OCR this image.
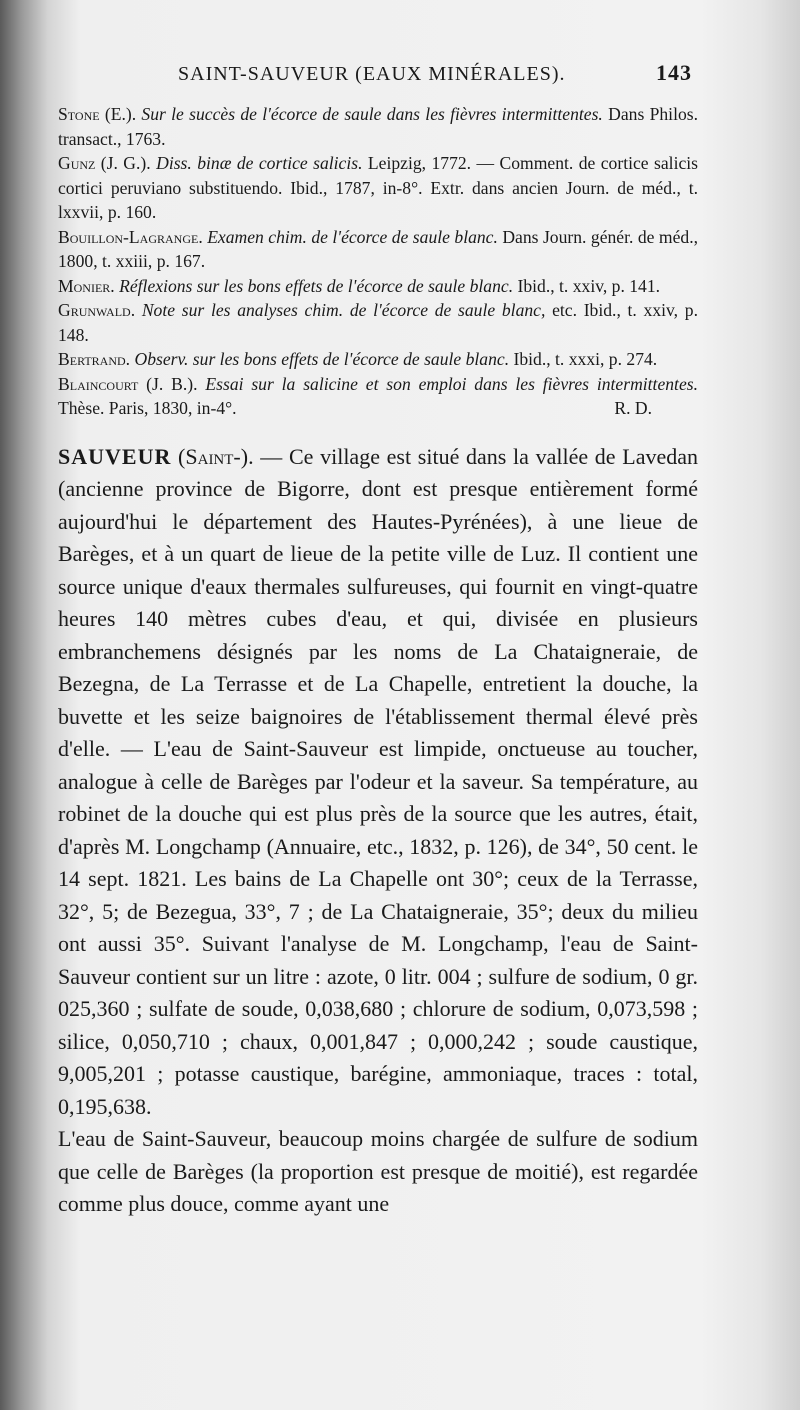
SAINT-SAUVEUR (EAUX MINÉRALES).	143

Stone (E.). Sur le succès de l'écorce de saule dans les fièvres intermittentes. Dans Philos. transact., 1763.

Gunz (J. G.). Diss. binæ de cortice salicis. Leipzig, 1772. — Comment. de cortice salicis cortici peruviano substituendo. Ibid., 1787, in-8°. Extr. dans ancien Journ. de méd., t. lxxvii, p. 160.

Bouillon-Lagrange. Examen chim. de l'écorce de saule blanc. Dans Journ. génér. de méd., 1800, t. xxiii, p. 167.

Monier. Réflexions sur les bons effets de l'écorce de saule blanc. Ibid., t. xxiv, p. 141.

Grunwald. Note sur les analyses chim. de l'écorce de saule blanc, etc. Ibid., t. xxiv, p. 148.

Bertrand. Observ. sur les bons effets de l'écorce de saule blanc. Ibid., t. xxxi, p. 274.

Blaincourt (J. B.). Essai sur la salicine et son emploi dans les fièvres intermittentes. Thèse. Paris, 1830, in-4°.	R. D.

SAUVEUR (Saint-). — Ce village est situé dans la vallée de Lavedan (ancienne province de Bigorre, dont est presque entièrement formé aujourd'hui le département des Hautes-Pyrénées), à une lieue de Barèges, et à un quart de lieue de la petite ville de Luz. Il contient une source unique d'eaux thermales sulfureuses, qui fournit en vingt-quatre heures 140 mètres cubes d'eau, et qui, divisée en plusieurs embranchemens désignés par les noms de La Chataigneraie, de Bezegna, de La Terrasse et de La Chapelle, entretient la douche, la buvette et les seize baignoires de l'établissement thermal élevé près d'elle. — L'eau de Saint-Sauveur est limpide, onctueuse au toucher, analogue à celle de Barèges par l'odeur et la saveur. Sa température, au robinet de la douche qui est plus près de la source que les autres, était, d'après M. Longchamp (Annuaire, etc., 1832, p. 126), de 34°, 50 cent. le 14 sept. 1821. Les bains de La Chapelle ont 30°; ceux de la Terrasse, 32°, 5; de Bezegua, 33°, 7 ; de La Chataigneraie, 35°; deux du milieu ont aussi 35°. Suivant l'analyse de M. Longchamp, l'eau de Saint-Sauveur contient sur un litre : azote, 0 litr. 004 ; sulfure de sodium, 0 gr. 025,360 ; sulfate de soude, 0,038,680 ; chlorure de sodium, 0,073,598 ; silice, 0,050,710 ; chaux, 0,001,847 ; 0,000,242 ; soude caustique, 9,005,201 ; potasse caustique, barégine, ammoniaque, traces : total, 0,195,638.

L'eau de Saint-Sauveur, beaucoup moins chargée de sulfure de sodium que celle de Barèges (la proportion est presque de moitié), est regardée comme plus douce, comme ayant une
